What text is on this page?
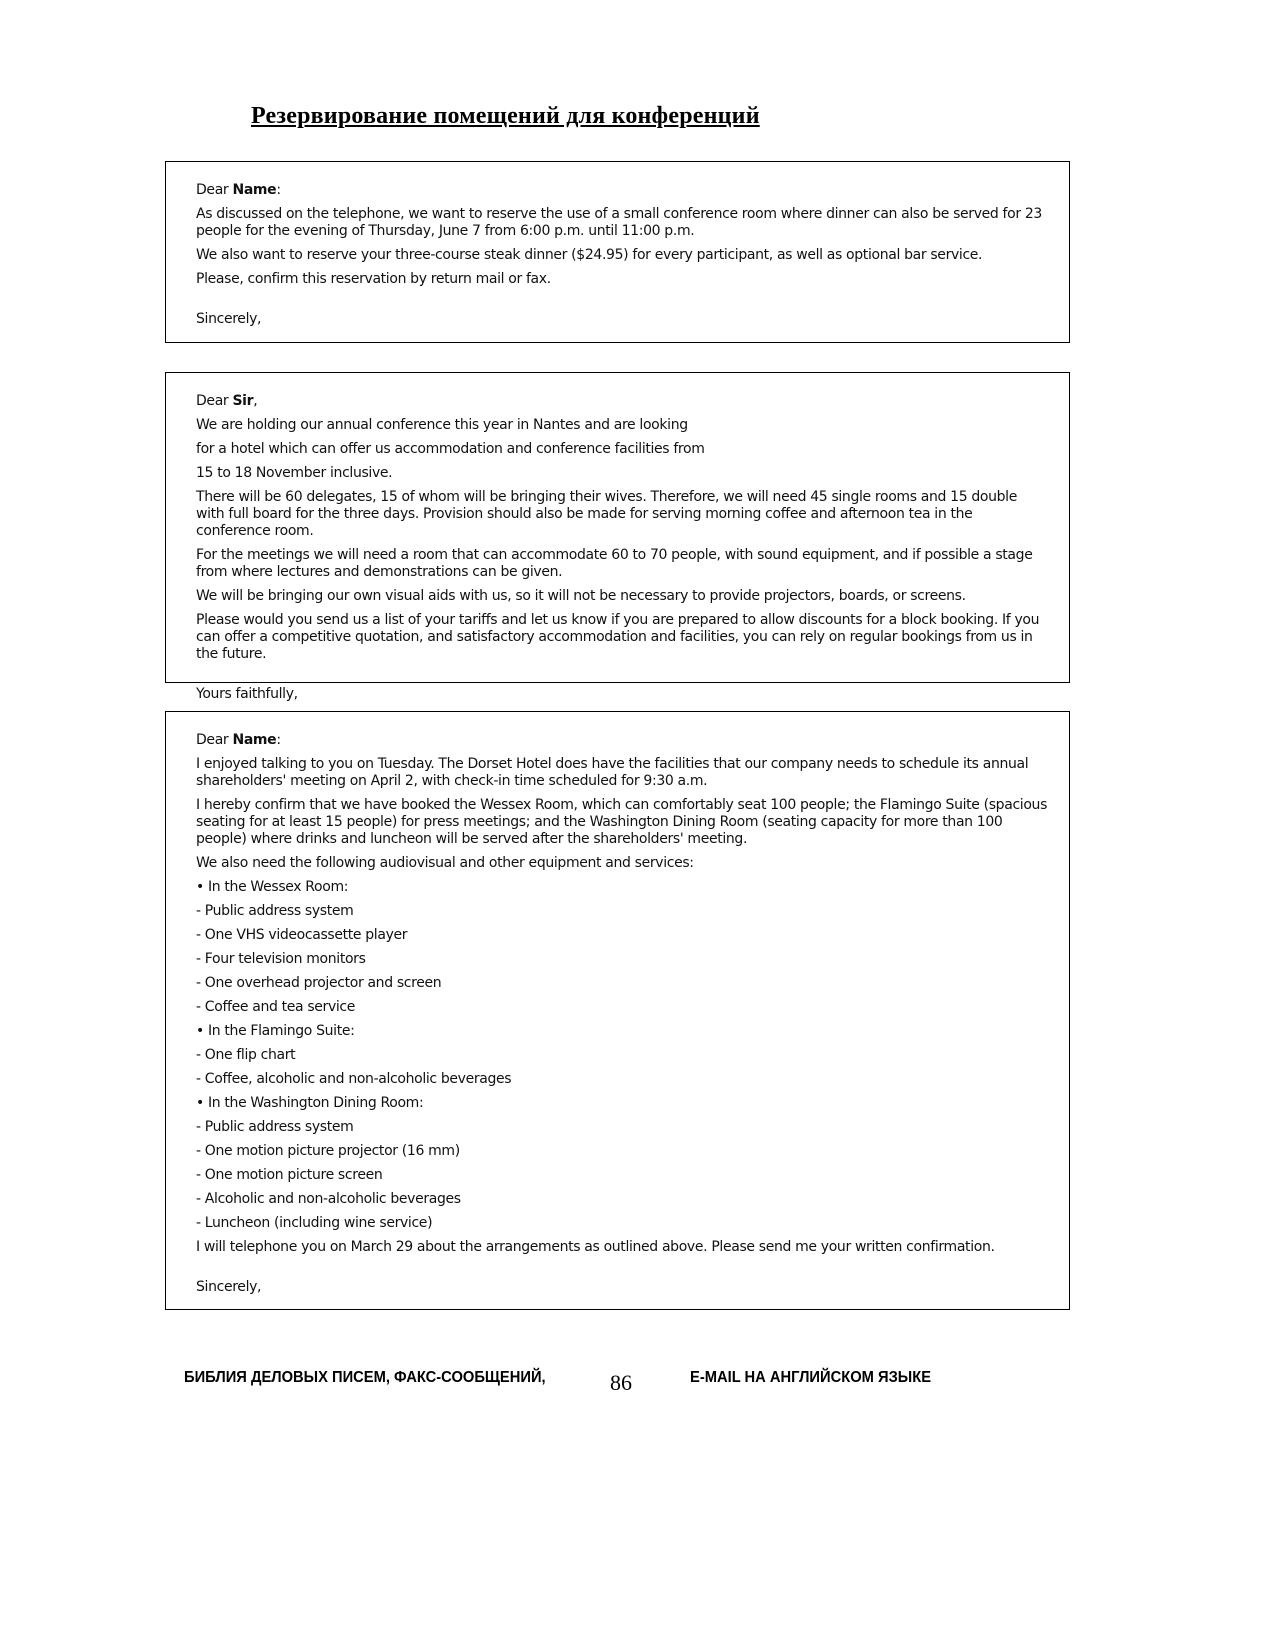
Резервирование помещений для конференций

Dear Name:

As discussed on the telephone, we want to reserve the use of a small conference room where dinner can also be served for 23 people for the evening of Thursday, June 7 from 6:00 p.m. until 11:00 p.m.

We also want to reserve your three-course steak dinner ($24.95) for every participant, as well as optional bar service.

Please, confirm this reservation by return mail or fax.

Sincerely,

Dear Sir,

We are holding our annual conference this year in Nantes and are looking

for a hotel which can offer us accommodation and conference facilities from

15 to 18 November inclusive.

There will be 60 delegates, 15 of whom will be bringing their wives. Therefore, we will need 45 single rooms and 15 double with full board for the three days. Provision should also be made for serving morning coffee and afternoon tea in the conference room.

For the meetings we will need a room that can accommodate 60 to 70 people, with sound equipment, and if possible a stage from where lectures and demonstrations can be given.

We will be bringing our own visual aids with us, so it will not be necessary to provide projectors, boards, or screens.

Please would you send us a list of your tariffs and let us know if you are prepared to allow discounts for a block booking. If you can offer a competitive quotation, and satisfactory accommodation and facilities, you can rely on regular bookings from us in the future.

Yours faithfully,

Dear Name:

I enjoyed talking to you on Tuesday. The Dorset Hotel does have the facilities that our company needs to schedule its annual shareholders' meeting on April 2, with check-in time scheduled for 9:30 a.m.

I hereby confirm that we have booked the Wessex Room, which can comfortably seat 100 people; the Flamingo Suite (spacious seating for at least 15 people) for press meetings; and the Washington Dining Room (seating capacity for more than 100 people) where drinks and luncheon will be served after the shareholders' meeting.

We also need the following audiovisual and other equipment and services:

• In the Wessex Room:

- Public address system

- One VHS videocassette player

- Four television monitors

- One overhead projector and screen

- Coffee and tea service

• In the Flamingo Suite:

- One flip chart

- Coffee, alcoholic and non-alcoholic beverages

• In the Washington Dining Room:

- Public address system

- One motion picture projector (16 mm)

- One motion picture screen

- Alcoholic and non-alcoholic beverages

- Luncheon (including wine service)

I will telephone you on March 29 about the arrangements as outlined above. Please send me your written confirmation.

Sincerely,

БИБЛИЯ ДЕЛОВЫХ ПИСЕМ, ФАКС-СООБЩЕНИЙ,	86	E-MAIL НА АНГЛИЙСКОМ ЯЗЫКЕ
